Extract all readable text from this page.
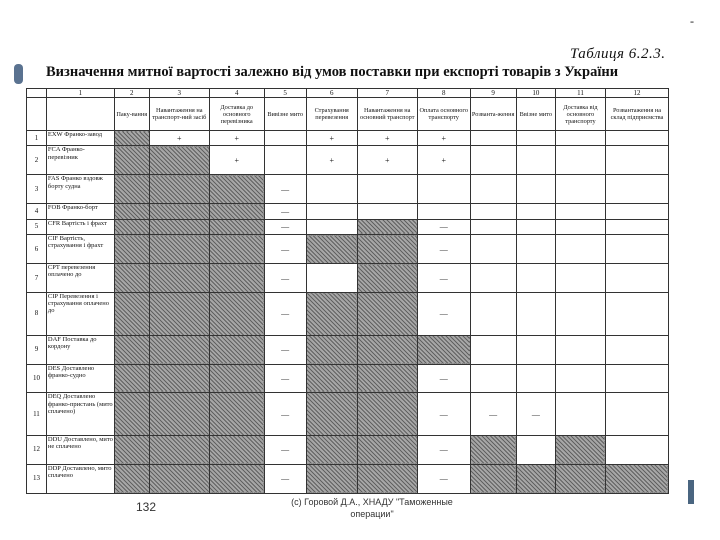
-
Таблиця 6.2.3.
Визначення митної вартості залежно від умов поставки при експорті товарів з України
	1	2	3	4	5	6	7	8	9	10	11	12
		Паку-вання	Навантаження на транспорт-ний засіб	Доставка до основного перевізника	Вивізне мито	Страхування перевезення	Навантаження на основний транспорт	Оплата основного транспорту	Розванта-ження	Ввізне мито	Доставка від основного транспорту	Розвантаження на склад підприємства
1	EXW Франко-завод		+	+		+	+	+				
2	FCA Франко-перевізник			+		+	+	+				
3	FAS Франко вздовж борту судна				—							
4	FOB Франко-борт				—							
5	CFR Вартість і фрахт				—			—				
6	CIF Вартість, страхування і фрахт				—			—				
7	CPT перевезення оплачено до				—			—				
8	CIP Перевезення і страхування оплачено до				—			—				
9	DAF Поставка до кордону				—							
10	DES Доставлено франко-судно				—			—				
11	DEQ Доставлено франко-пристань (мито сплачено)				—			—	—	—		
12	DDU Доставлено, мито не сплачено				—			—				
13	DDP Доставлено, мито сплачено				—			—				
132	(с) Горовой Д.А., ХНАДУ "Таможенные операции"
